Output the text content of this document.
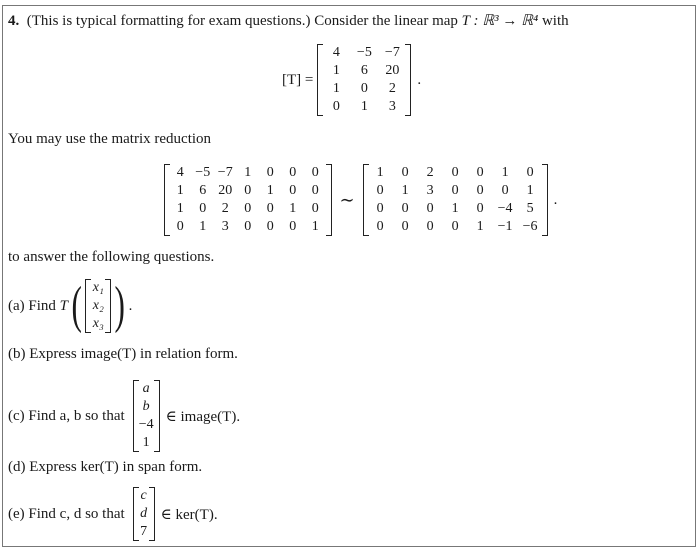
4. (This is typical formatting for exam questions.) Consider the linear map T : ℝ³ → ℝ⁴ with
[T] =
4	−5	−7
1	6	20
1	0	2
0	1	3
.
You may use the matrix reduction
4	−5	−7	1	0	0	0
1	6	20	0	1	0	0
1	0	2	0	0	1	0
0	1	3	0	0	0	1
∼
1	0	2	0	0	1	0
0	1	3	0	0	0	1
0	0	0	1	0	−4	5
0	0	0	0	1	−1	−6
.
to answer the following questions.
(a) Find
T ( x₁
x₂
x₃ ) .
(b) Express image(T) in relation form.
(c) Find a, b so that
a
b
−4
1
∈ image(T).
(d) Express ker(T) in span form.
(e) Find c, d so that
c
d
7
∈ ker(T).
